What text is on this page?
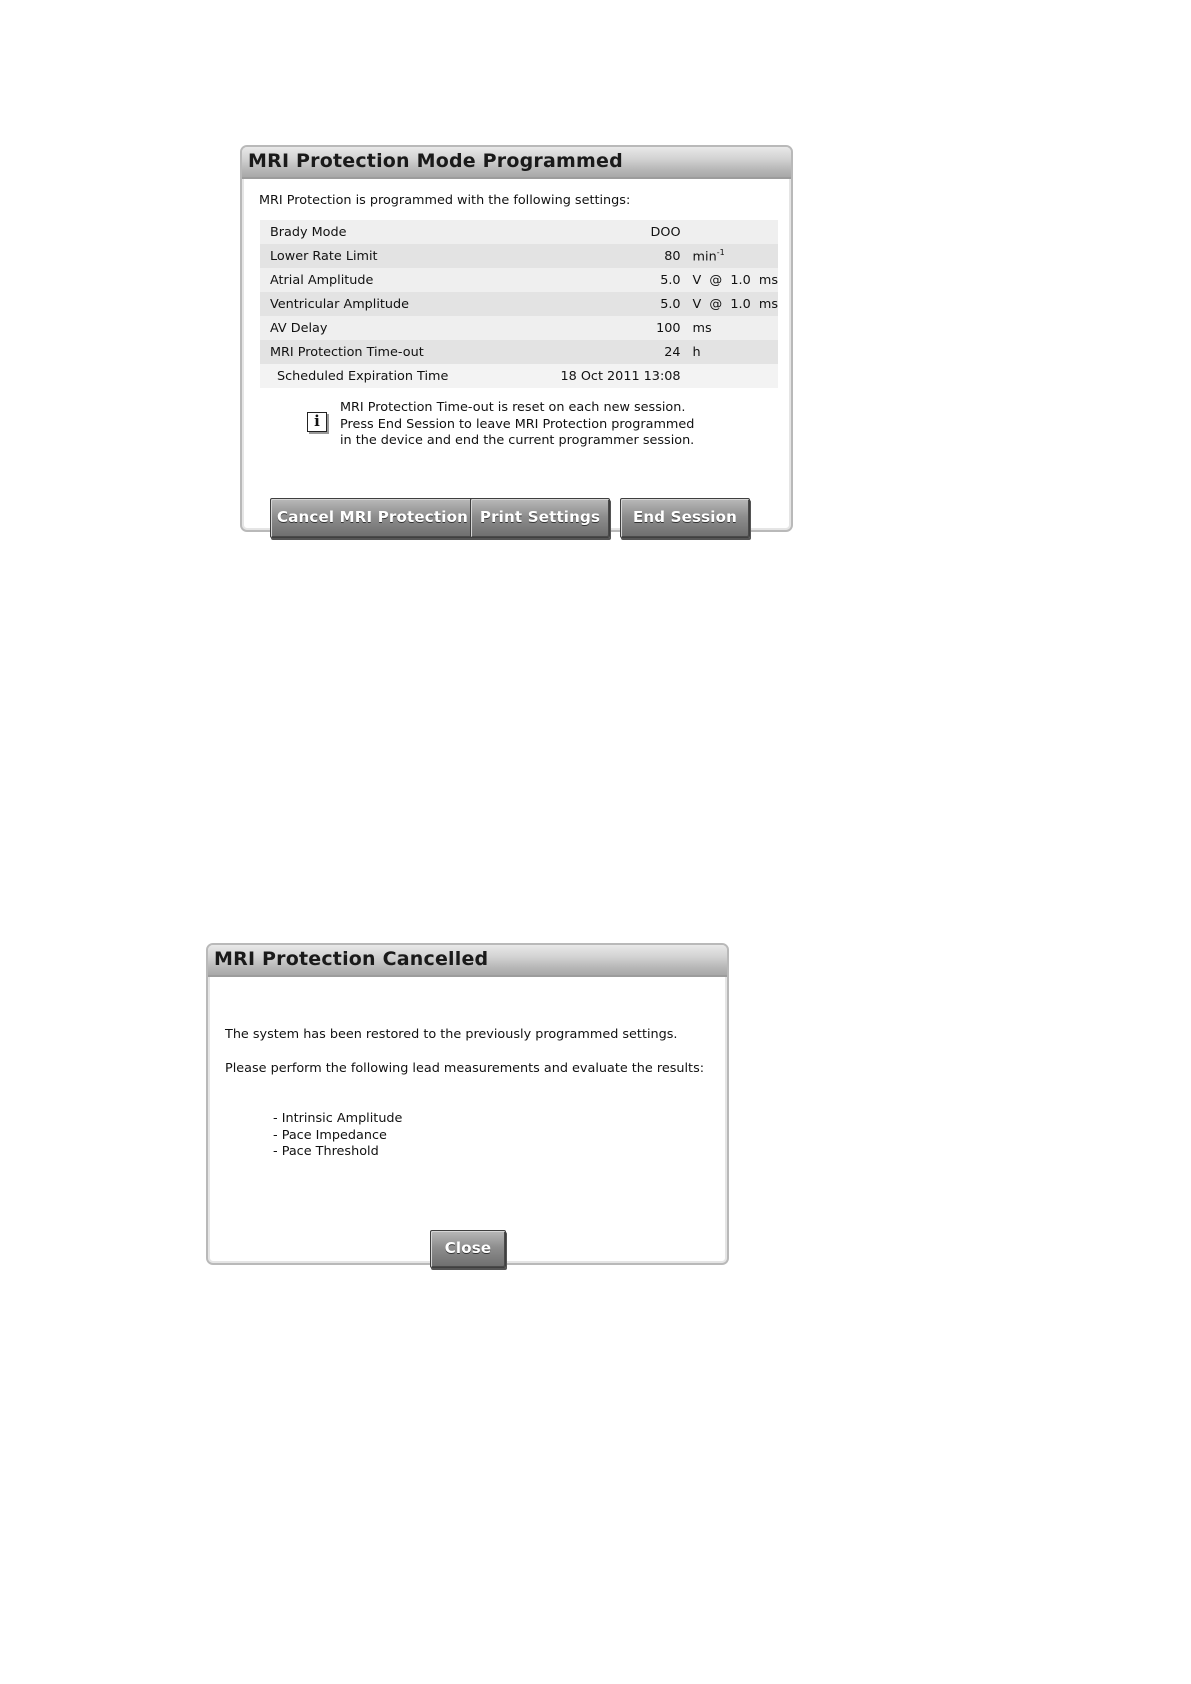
MRI Protection Mode Programmed
MRI Protection is programmed with the following settings:
Brady Mode	DOO	
Lower Rate Limit	80	$\min^{-1}$
Atrial Amplitude	5.0	V  @  1.0  ms
Ventricular Amplitude	5.0	V  @  1.0  ms
AV Delay	100	ms
MRI Protection Time-out	24	h
Scheduled Expiration Time	18 Oct 2011 13:08	
i
MRI Protection Time-out is reset on each new session.
Press End Session to leave MRI Protection programmed
in the device and end the current programmer session.
Cancel MRI Protection Print Settings	End Session
MRI Protection Cancelled
The system has been restored to the previously programmed settings.
Please perform the following lead measurements and evaluate the results:
- Intrinsic Amplitude
- Pace Impedance
- Pace Threshold
Close
